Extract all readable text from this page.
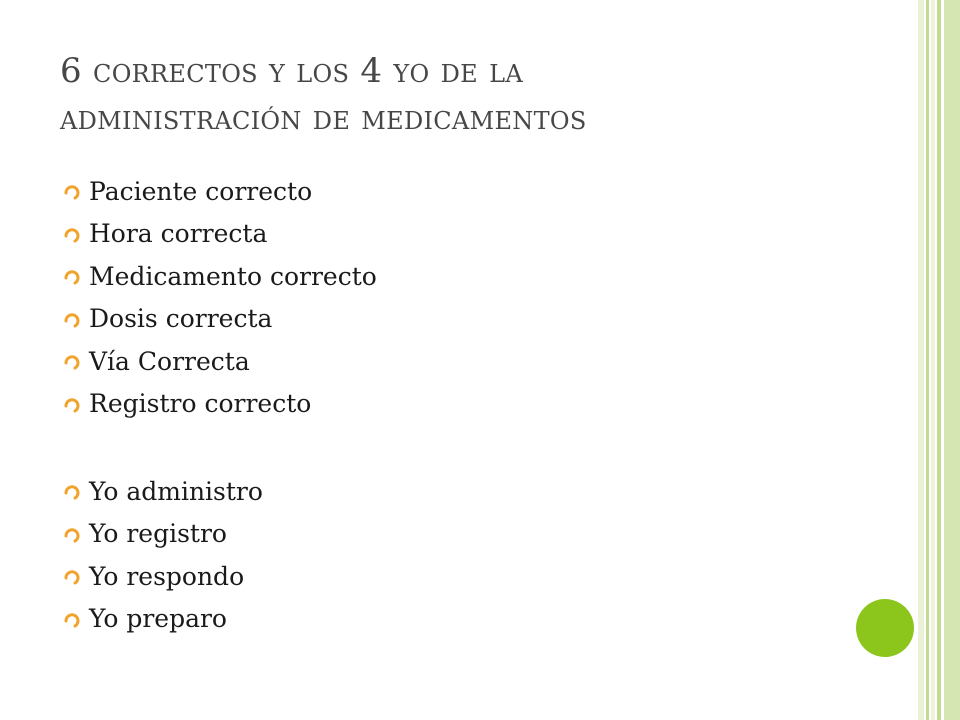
6 correctos y los 4 yo de la
administración de medicamentos
Paciente correcto
Hora correcta
Medicamento correcto
Dosis correcta
Vía Correcta
Registro correcto
Yo administro
Yo registro
Yo respondo
Yo preparo
